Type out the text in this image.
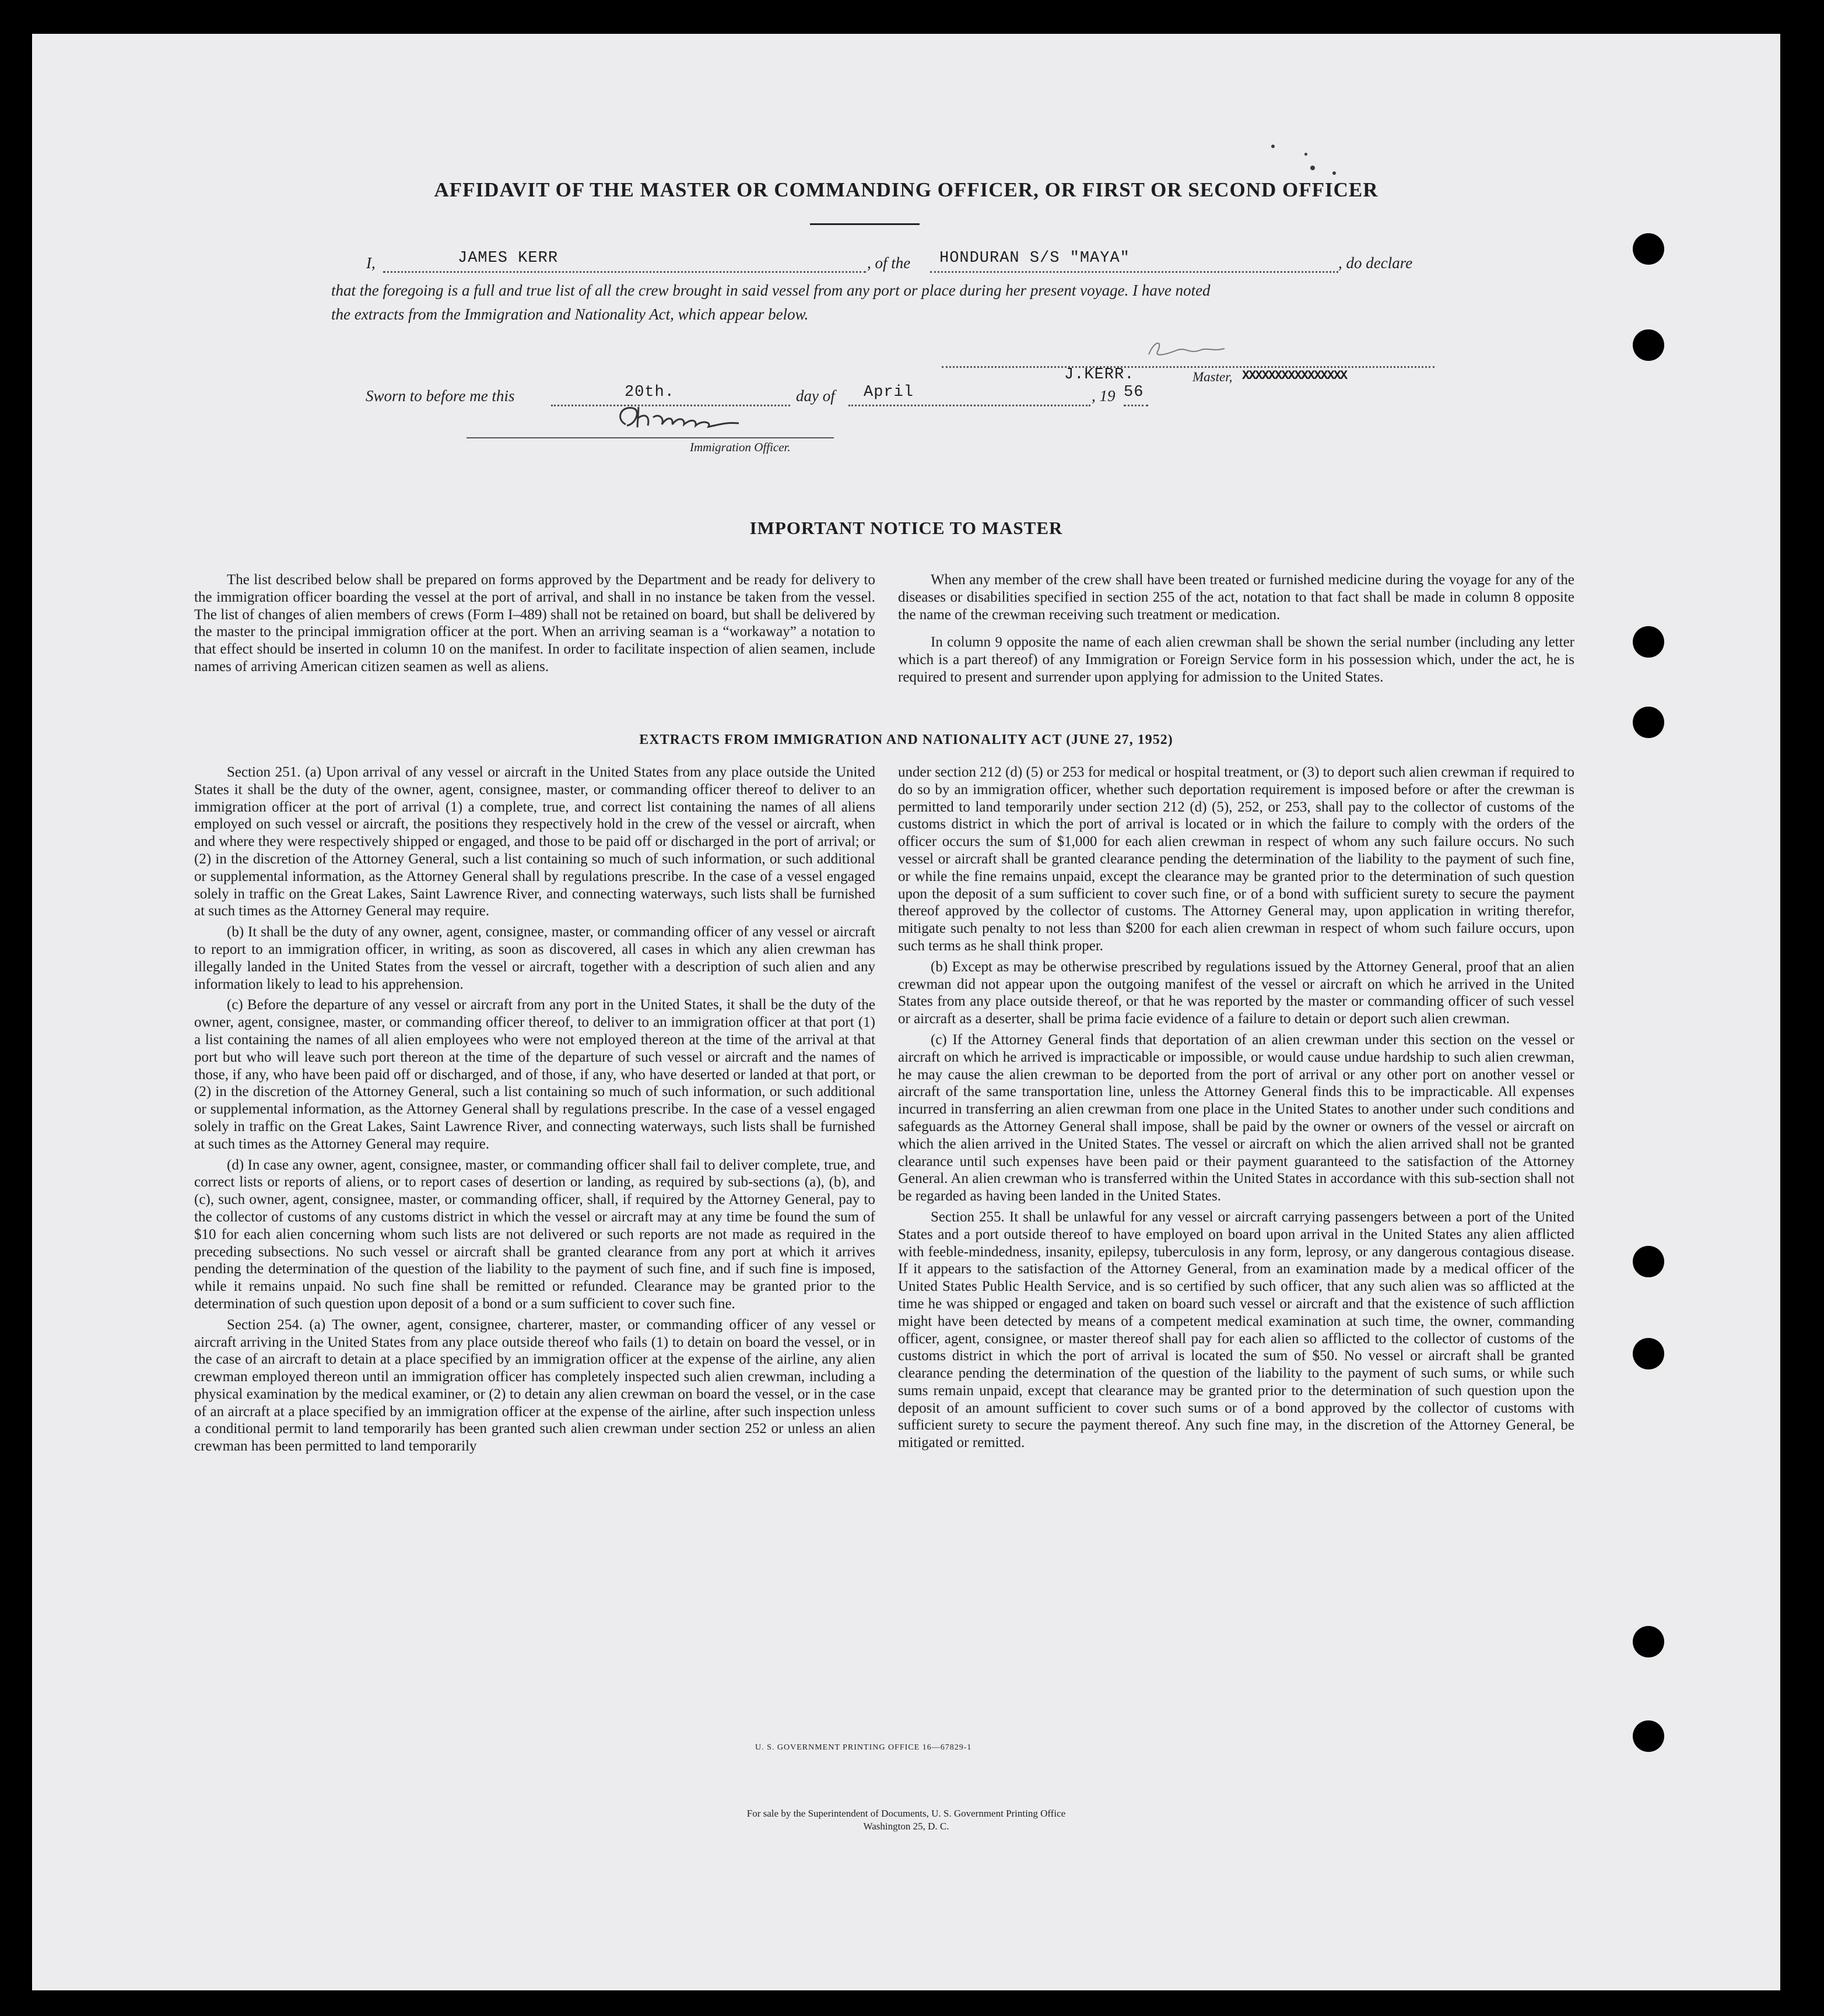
AFFIDAVIT OF THE MASTER OR COMMANDING OFFICER, OR FIRST OR SECOND OFFICER
I,	JAMES KERR	, of the HONDURAN S/S "MAYA"	, do declare
that the foregoing is a full and true list of all the crew brought in said vessel from any port or place during her present voyage. I have noted
the extracts from the Immigration and Nationality Act, which appear below.
J.KERR.	Master, XXXXXXXXXXXXXXXX
Sworn to before me this	20th.	day of April	, 19 56
Immigration Officer.
IMPORTANT NOTICE TO MASTER

The list described below shall be prepared on forms approved by the Department and be ready for delivery to the immigration officer boarding the vessel at the port of arrival, and shall in no instance be taken from the vessel. The list of changes of alien members of crews (Form I–489) shall not be retained on board, but shall be delivered by the master to the principal immigration officer at the port. When an arriving seaman is a “workaway” a notation to that effect should be inserted in column 10 on the manifest. In order to facilitate inspection of alien seamen, include names of arriving American citizen seamen as well as aliens.

When any member of the crew shall have been treated or furnished medicine during the voyage for any of the diseases or disabilities specified in section 255 of the act, notation to that fact shall be made in column 8 opposite the name of the crewman receiving such treatment or medication.

In column 9 opposite the name of each alien crewman shall be shown the serial number (including any letter which is a part thereof) of any Immigration or Foreign Service form in his possession which, under the act, he is required to present and surrender upon applying for admission to the United States.

EXTRACTS FROM IMMIGRATION AND NATIONALITY ACT (JUNE 27, 1952)

Section 251. (a) Upon arrival of any vessel or aircraft in the United States from any place outside the United States it shall be the duty of the owner, agent, consignee, master, or commanding officer thereof to deliver to an immigration officer at the port of arrival (1) a complete, true, and correct list containing the names of all aliens employed on such vessel or aircraft, the positions they respectively hold in the crew of the vessel or aircraft, when and where they were respectively shipped or engaged, and those to be paid off or discharged in the port of arrival; or (2) in the discretion of the Attorney General, such a list containing so much of such information, or such additional or supplemental information, as the Attorney General shall by regulations prescribe. In the case of a vessel engaged solely in traffic on the Great Lakes, Saint Lawrence River, and connecting waterways, such lists shall be furnished at such times as the Attorney General may require.

(b) It shall be the duty of any owner, agent, consignee, master, or commanding officer of any vessel or aircraft to report to an immigration officer, in writing, as soon as discovered, all cases in which any alien crewman has illegally landed in the United States from the vessel or aircraft, together with a description of such alien and any information likely to lead to his apprehension.

(c) Before the departure of any vessel or aircraft from any port in the United States, it shall be the duty of the owner, agent, consignee, master, or commanding officer thereof, to deliver to an immigration officer at that port (1) a list containing the names of all alien employees who were not employed thereon at the time of the arrival at that port but who will leave such port thereon at the time of the departure of such vessel or aircraft and the names of those, if any, who have been paid off or discharged, and of those, if any, who have deserted or landed at that port, or (2) in the discretion of the Attorney General, such a list containing so much of such information, or such additional or supplemental information, as the Attorney General shall by regulations prescribe. In the case of a vessel engaged solely in traffic on the Great Lakes, Saint Lawrence River, and connecting waterways, such lists shall be furnished at such times as the Attorney General may require.

(d) In case any owner, agent, consignee, master, or commanding officer shall fail to deliver complete, true, and correct lists or reports of aliens, or to report cases of desertion or landing, as required by sub-sections (a), (b), and (c), such owner, agent, consignee, master, or commanding officer, shall, if required by the Attorney General, pay to the collector of customs of any customs district in which the vessel or aircraft may at any time be found the sum of $10 for each alien concerning whom such lists are not delivered or such reports are not made as required in the preceding subsections. No such vessel or aircraft shall be granted clearance from any port at which it arrives pending the determination of the question of the liability to the payment of such fine, and if such fine is imposed, while it remains unpaid. No such fine shall be remitted or refunded. Clearance may be granted prior to the determination of such question upon deposit of a bond or a sum sufficient to cover such fine.

Section 254. (a) The owner, agent, consignee, charterer, master, or commanding officer of any vessel or aircraft arriving in the United States from any place outside thereof who fails (1) to detain on board the vessel, or in the case of an aircraft to detain at a place specified by an immigration officer at the expense of the airline, any alien crewman employed thereon until an immigration officer has completely inspected such alien crewman, including a physical examination by the medical examiner, or (2) to detain any alien crewman on board the vessel, or in the case of an aircraft at a place specified by an immigration officer at the expense of the airline, after such inspection unless a conditional permit to land temporarily has been granted such alien crewman under section 252 or unless an alien crewman has been permitted to land temporarily

under section 212 (d) (5) or 253 for medical or hospital treatment, or (3) to deport such alien crewman if required to do so by an immigration officer, whether such deportation requirement is imposed before or after the crewman is permitted to land temporarily under section 212 (d) (5), 252, or 253, shall pay to the collector of customs of the customs district in which the port of arrival is located or in which the failure to comply with the orders of the officer occurs the sum of $1,000 for each alien crewman in respect of whom any such failure occurs. No such vessel or aircraft shall be granted clearance pending the determination of the liability to the payment of such fine, or while the fine remains unpaid, except the clearance may be granted prior to the determination of such question upon the deposit of a sum sufficient to cover such fine, or of a bond with sufficient surety to secure the payment thereof approved by the collector of customs. The Attorney General may, upon application in writing therefor, mitigate such penalty to not less than $200 for each alien crewman in respect of whom such failure occurs, upon such terms as he shall think proper.

(b) Except as may be otherwise prescribed by regulations issued by the Attorney General, proof that an alien crewman did not appear upon the outgoing manifest of the vessel or aircraft on which he arrived in the United States from any place outside thereof, or that he was reported by the master or commanding officer of such vessel or aircraft as a deserter, shall be prima facie evidence of a failure to detain or deport such alien crewman.

(c) If the Attorney General finds that deportation of an alien crewman under this section on the vessel or aircraft on which he arrived is impracticable or impossible, or would cause undue hardship to such alien crewman, he may cause the alien crewman to be deported from the port of arrival or any other port on another vessel or aircraft of the same transportation line, unless the Attorney General finds this to be impracticable. All expenses incurred in transferring an alien crewman from one place in the United States to another under such conditions and safeguards as the Attorney General shall impose, shall be paid by the owner or owners of the vessel or aircraft on which the alien arrived in the United States. The vessel or aircraft on which the alien arrived shall not be granted clearance until such expenses have been paid or their payment guaranteed to the satisfaction of the Attorney General. An alien crewman who is transferred within the United States in accordance with this sub-section shall not be regarded as having been landed in the United States.

Section 255. It shall be unlawful for any vessel or aircraft carrying passengers between a port of the United States and a port outside thereof to have employed on board upon arrival in the United States any alien afflicted with feeble-mindedness, insanity, epilepsy, tuberculosis in any form, leprosy, or any dangerous contagious disease. If it appears to the satisfaction of the Attorney General, from an examination made by a medical officer of the United States Public Health Service, and is so certified by such officer, that any such alien was so afflicted at the time he was shipped or engaged and taken on board such vessel or aircraft and that the existence of such affliction might have been detected by means of a competent medical examination at such time, the owner, commanding officer, agent, consignee, or master thereof shall pay for each alien so afflicted to the collector of customs of the customs district in which the port of arrival is located the sum of $50. No vessel or aircraft shall be granted clearance pending the determination of the question of the liability to the payment of such sums, or while such sums remain unpaid, except that clearance may be granted prior to the determination of such question upon the deposit of an amount sufficient to cover such sums or of a bond approved by the collector of customs with sufficient surety to secure the payment thereof. Any such fine may, in the discretion of the Attorney General, be mitigated or remitted.

U. S. GOVERNMENT PRINTING OFFICE 16—67829-1
For sale by the Superintendent of Documents, U. S. Government Printing Office
Washington 25, D. C.
